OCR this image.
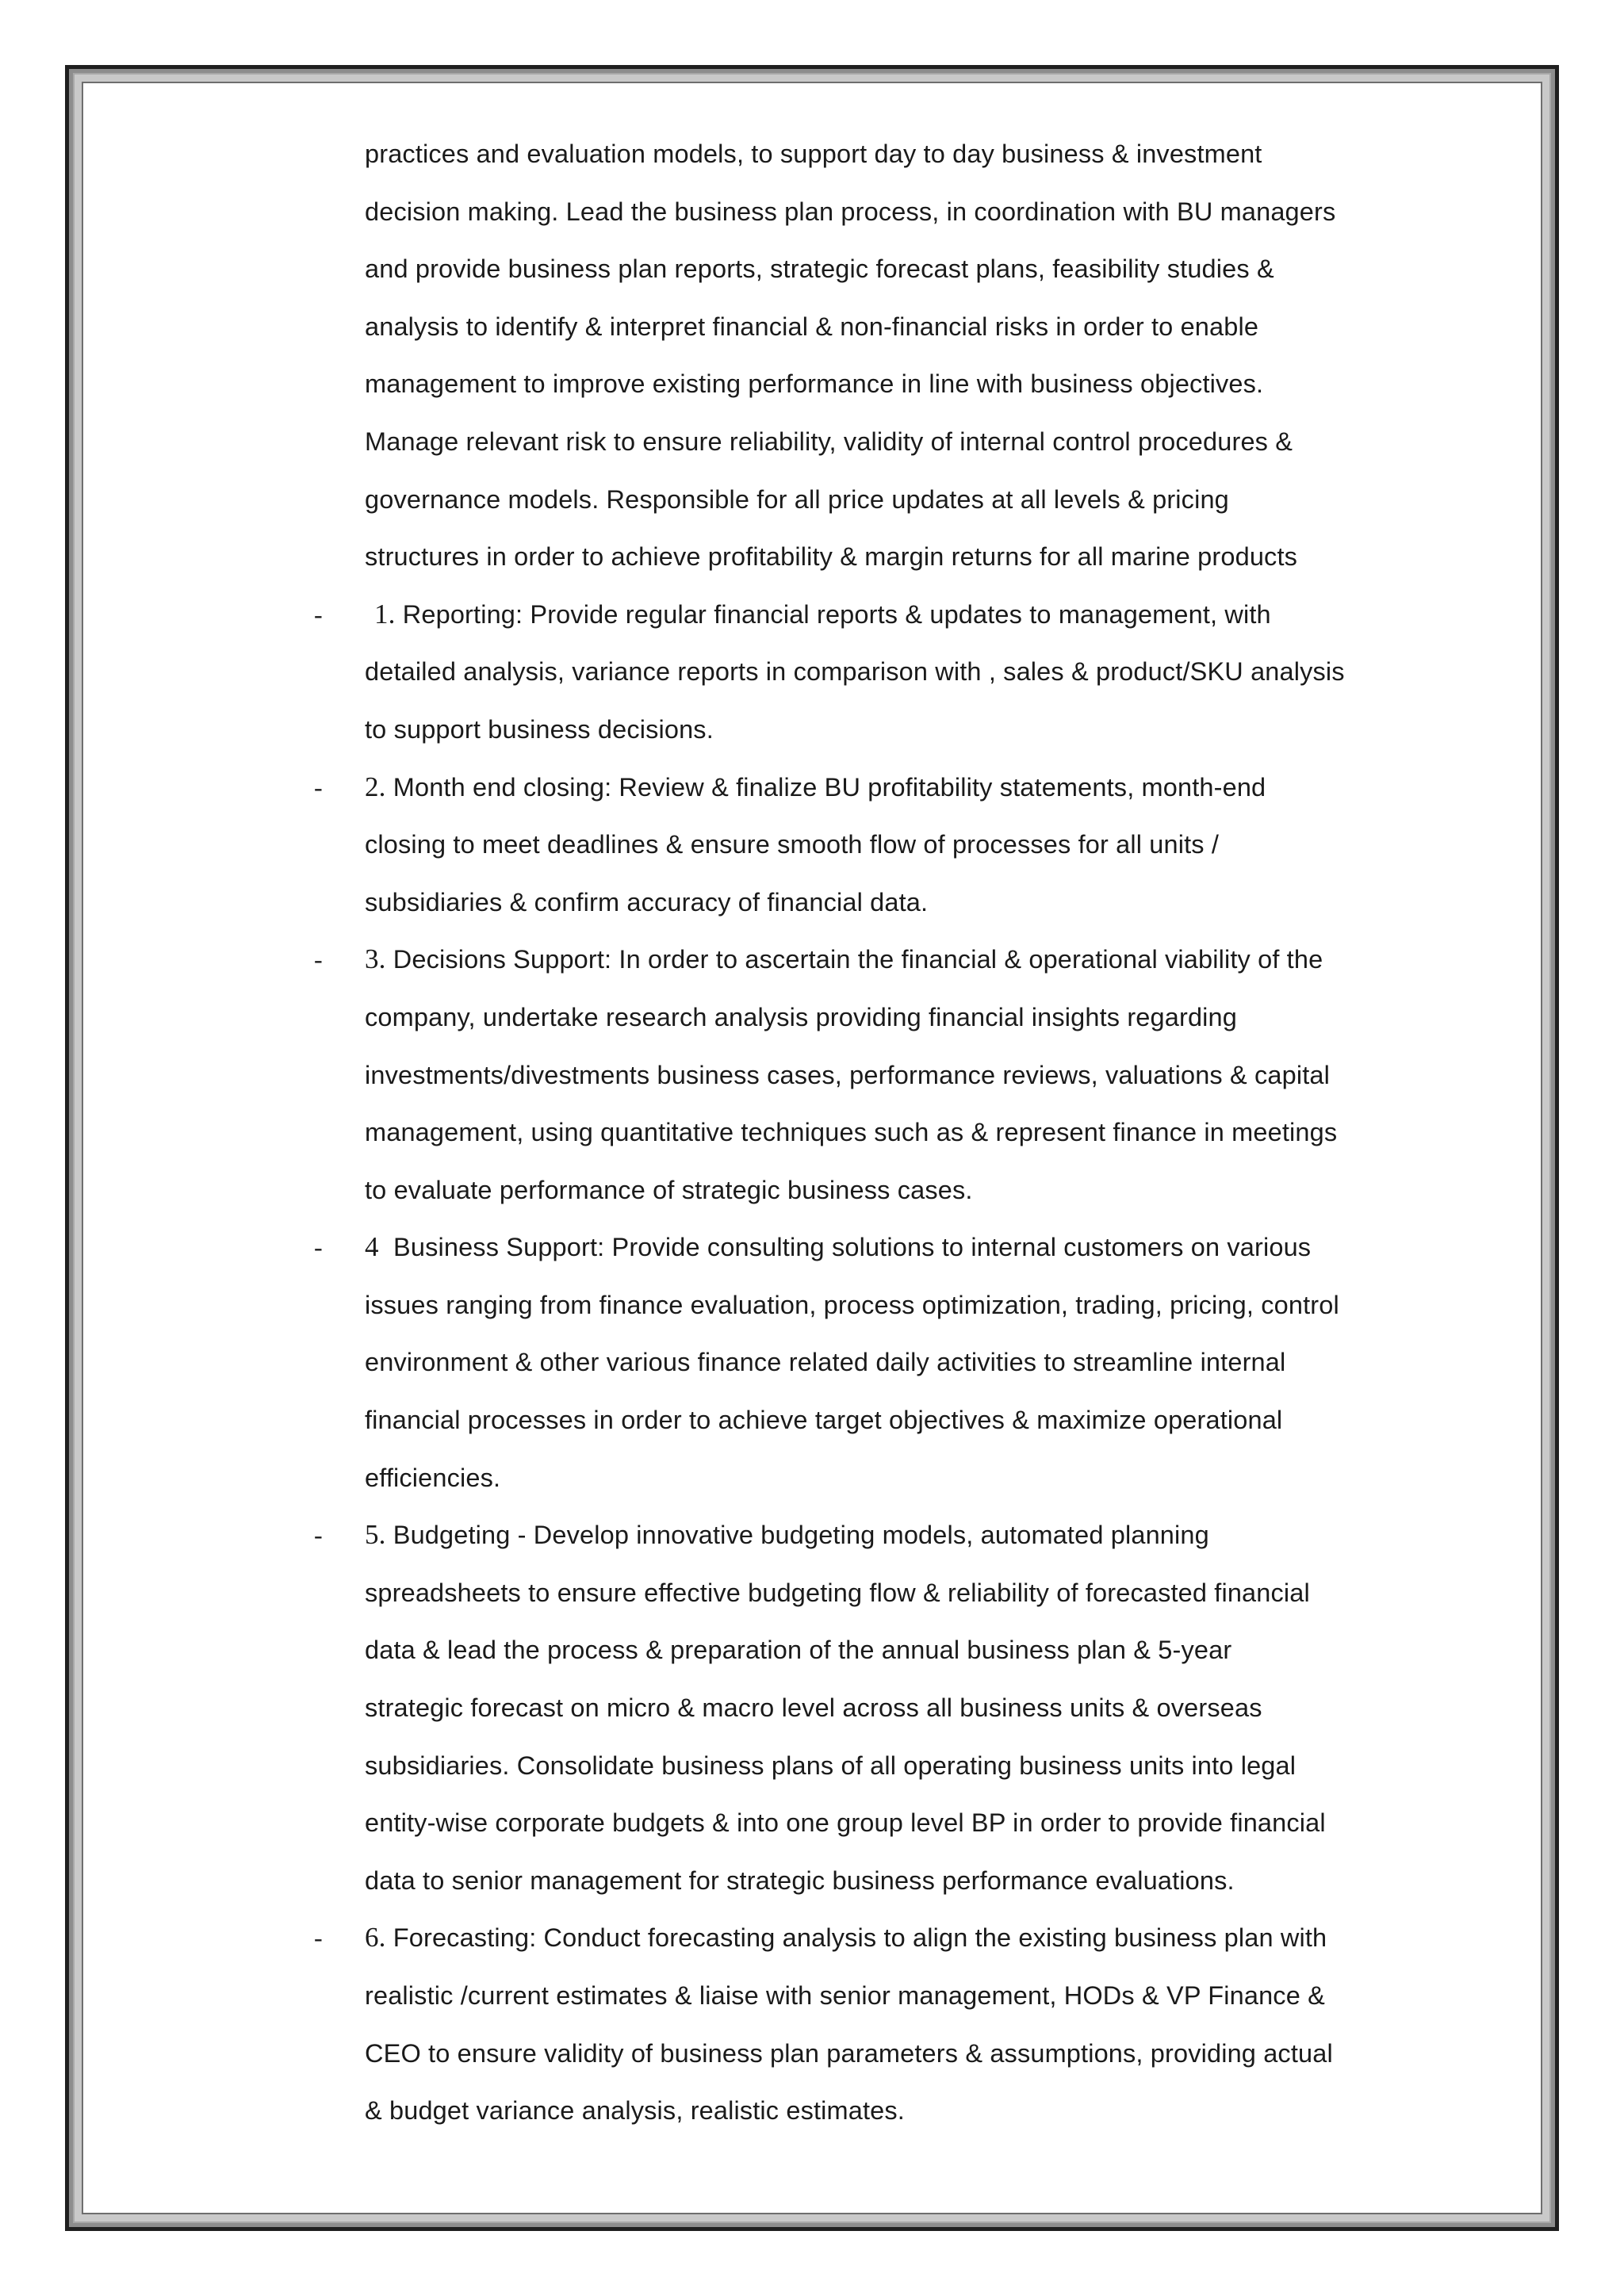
practices and evaluation models, to support day to day business & investment
decision making. Lead the business plan process, in coordination with BU managers
and provide business plan reports, strategic forecast plans, feasibility studies &
analysis to identify & interpret financial & non-financial risks in order to enable
management to improve existing performance in line with business objectives.
Manage relevant risk to ensure reliability, validity of internal control procedures &
governance models. Responsible for all price updates at all levels & pricing
structures in order to achieve profitability & margin returns for all marine products
-	1. Reporting: Provide regular financial reports & updates to management, with
detailed analysis, variance reports in comparison with , sales & product/SKU analysis
to support business decisions.
- 2. Month end closing: Review & finalize BU profitability statements, month-end
closing to meet deadlines & ensure smooth flow of processes for all units /
subsidiaries & confirm accuracy of financial data.
- 3. Decisions Support: In order to ascertain the financial & operational viability of the
company, undertake research analysis providing financial insights regarding
investments/divestments business cases, performance reviews, valuations & capital
management, using quantitative techniques such as & represent finance in meetings
to evaluate performance of strategic business cases.
- 4 Business Support: Provide consulting solutions to internal customers on various
issues ranging from finance evaluation, process optimization, trading, pricing, control
environment & other various finance related daily activities to streamline internal
financial processes in order to achieve target objectives & maximize operational
efficiencies.
- 5. Budgeting - Develop innovative budgeting models, automated planning
spreadsheets to ensure effective budgeting flow & reliability of forecasted financial
data & lead the process & preparation of the annual business plan & 5-year
strategic forecast on micro & macro level across all business units & overseas
subsidiaries. Consolidate business plans of all operating business units into legal
entity-wise corporate budgets & into one group level BP in order to provide financial
data to senior management for strategic business performance evaluations.
- 6. Forecasting: Conduct forecasting analysis to align the existing business plan with
realistic /current estimates & liaise with senior management, HODs & VP Finance &
CEO to ensure validity of business plan parameters & assumptions, providing actual
& budget variance analysis, realistic estimates.
